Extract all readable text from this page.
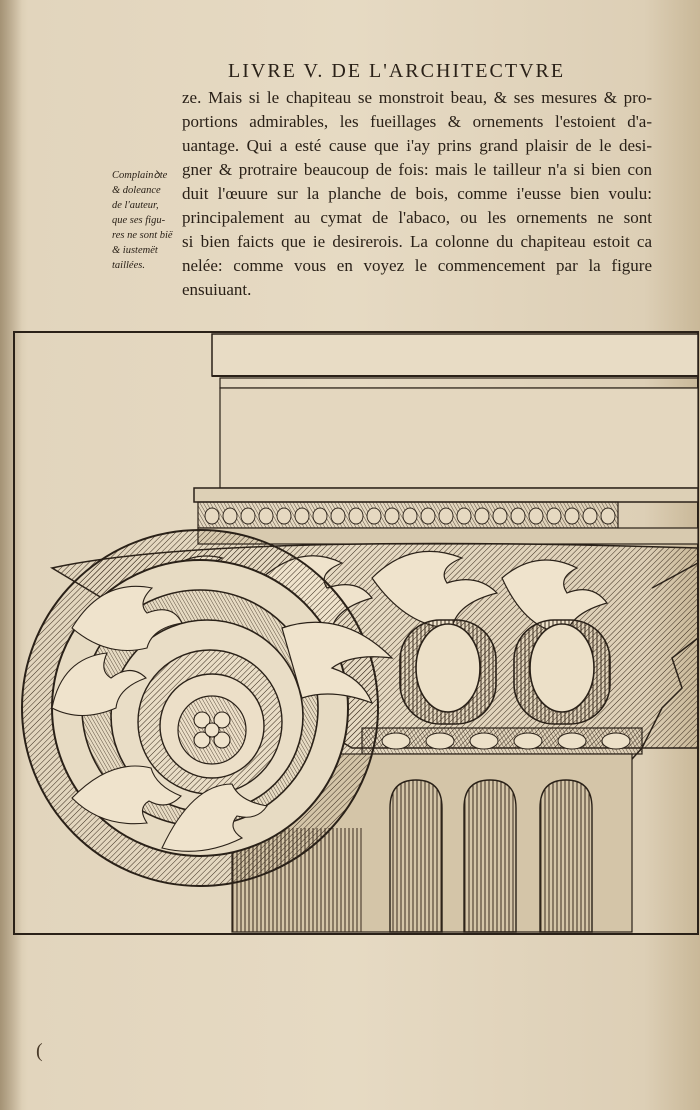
LIVRE V. DE L'ARCHITECTVRE
ze. Mais si le chapiteau se monstroit beau, & ses mesures & pro-
portions admirables, les fueillages & ornements l'estoient d'a-
uantage. Qui a esté cause que i'ay prins grand plaisir de le desi-
gner & protraire beaucoup de fois: mais le tailleur n'a si bien con
duit l'œuure sur la planche de bois, comme i'eusse bien voulu:
principalement au cymat de l'abaco, ou les ornements ne sont
si bien faicts que ie desirerois. La colonne du chapiteau estoit ca
nelée: comme vous en voyez le commencement par la figure
ensuiuant.
Complainꝺte
& doleance
de l'auteur,
que ses figu-
res ne sont bië
& iustemët
taillées.
(
